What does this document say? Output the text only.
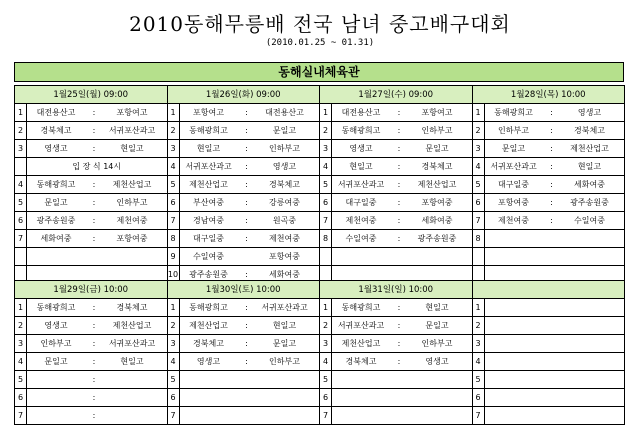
2010동해무릉배 전국 남녀 중고배구대회
(2010.01.25 ~ 01.31)
동해실내체육관
1월25일(월) 09:00		1월26일(화) 09:00		1월27일(수) 09:00		1월28일(목) 10:00	
1	대전용산고 : 포항여고	1	포항여고 : 대전용산고	1	대전용산고 : 포항여고	1	동해광희고 : 영생고
2	경북체고 : 서귀포산과고	2	동해광희고 : 문일고	2	동해광희고 : 인하부고	2	인하부고 : 경북체고
3	영생고 : 현일고	3	현일고 : 인하부고	3	영생고 : 문일고	3	문일고 : 제천산업고
	입 장 식 14시	4	서귀포산과고 : 영생고	4	현일고 : 경북체고	4	서귀포산과고 : 현일고
4	동해광희고 : 제천산업고	5	제천산업고 : 경북체고	5	서귀포산과고 : 제천산업고	5	대구일중 : 세화여중
5	문일고 : 인하부고	6	부산여중 : 강릉여중	6	대구일중 : 포항여중	6	포항여중 : 광주송원중
6	광주송원중 : 제천여중	7	경남여중 : 원곡중	7	제천여중 : 세화여중	7	제천여중 : 수일여중
7	세화여중 : 포항여중	8	대구일중 : 제천여중	8	수일여중 : 광주송원중	8	
		9	수일여중 포항여중				
		10	광주송원중 : 세화여중				
1월29일(금) 10:00		1월30일(토) 10:00		1월31일(일) 10:00			
1	동해광희고 : 경북체고	1	동해광희고 : 서귀포산과고	1	동해광희고 : 현일고	1	
2	영생고 : 제천산업고	2	제천산업고 : 현일고	2	서귀포산과고 : 문일고	2	
3	인하부고 : 서귀포산과고	3	경북체고 : 문일고	3	제천산업고 : 인하부고	3	
4	문일고 : 현일고	4	영생고 : 인하부고	4	경북체고 : 영생고	4	
5	:	5		5		5	
6	:	6		6		6	
7	:	7		7		7	
